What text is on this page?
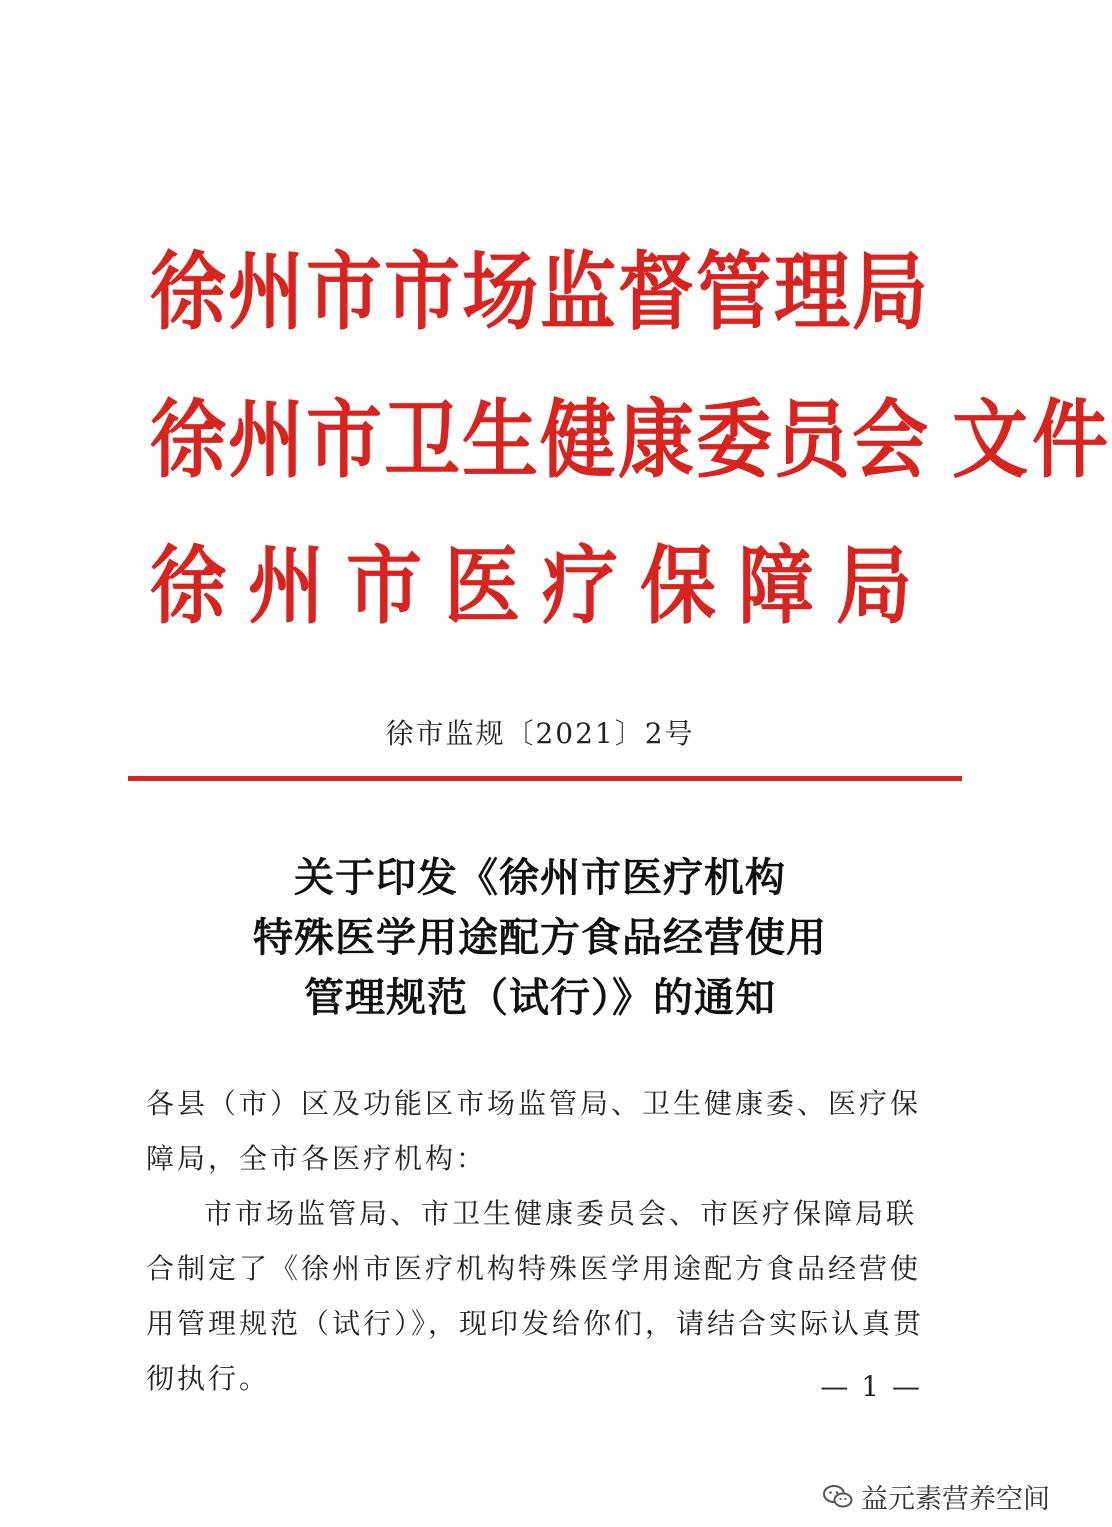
徐州市市场监督管理局
徐州市卫生健康委员会 文件
徐州市医疗保障局
徐市监规〔2021〕2号
关于印发《徐州市医疗机构
特殊医学用途配方食品经营使用
管理规范（试行）》的通知
各县（市）区及功能区市场监管局、卫生健康委、医疗保障局，全市各医疗机构：
市市场监管局、市卫生健康委员会、市医疗保障局联合制定了《徐州市医疗机构特殊医学用途配方食品经营使用管理规范（试行）》，现印发给你们，请结合实际认真贯彻执行。	— 1 —
益元素营养空间
